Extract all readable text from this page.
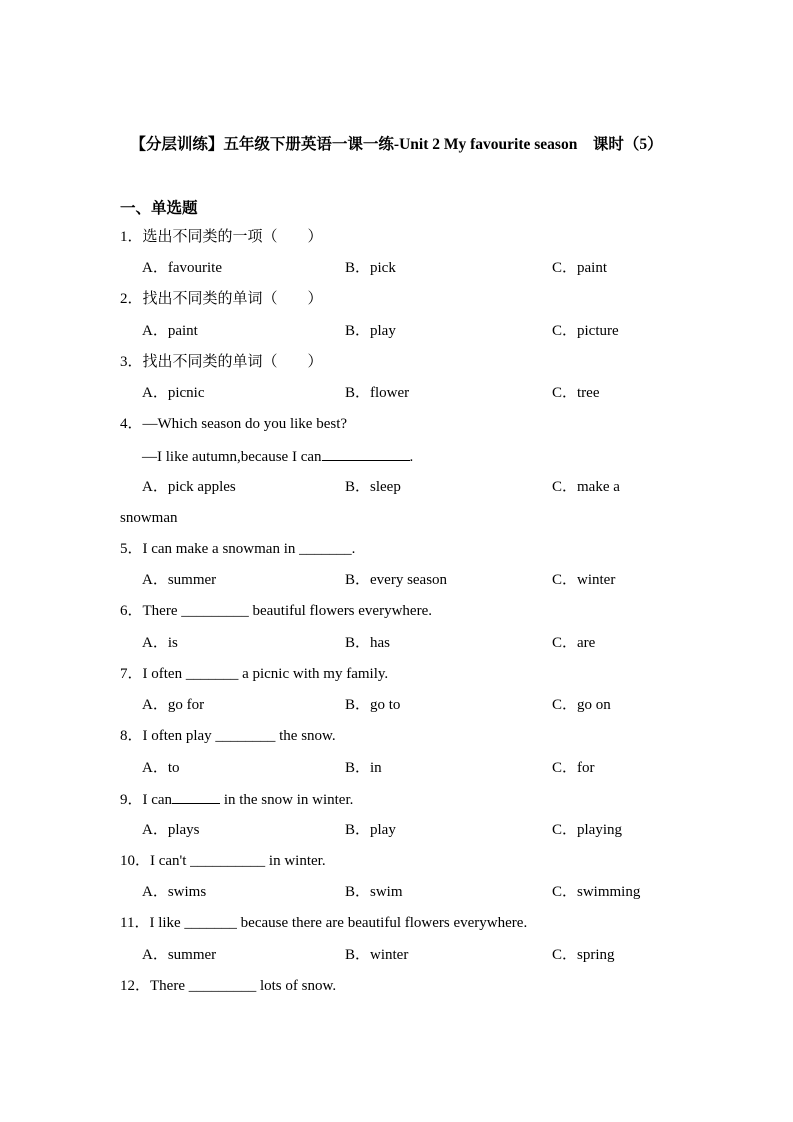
【分层训练】五年级下册英语一课一练-Unit 2 My favourite season　课时（5）
一、单选题
1．选出不同类的一项（　　）
A．favourite	B．pick	C．paint
2．找出不同类的单词（　　）
A．paint	B．play	C．picture
3．找出不同类的单词（　　）
A．picnic	B．flower	C．tree
4．—Which season do you like best?
—I like autumn,because I can	.
A．pick apples	B．sleep	C．make a
snowman
5．I can make a snowman in _______.
A．summer	B．every season	C．winter
6．There _________ beautiful flowers everywhere.
A．is	B．has	C．are
7．I often _______ a picnic with my family.
A．go for	B．go to	C．go on
8．I often play ________ the snow.
A．to	B．in	C．for
9．I can	in the snow in winter.
A．plays	B．play	C．playing
10．I can't __________ in winter.
A．swims	B．swim	C．swimming
11．I like _______ because there are beautiful flowers everywhere.
A．summer	B．winter	C．spring
12．There _________ lots of snow.
